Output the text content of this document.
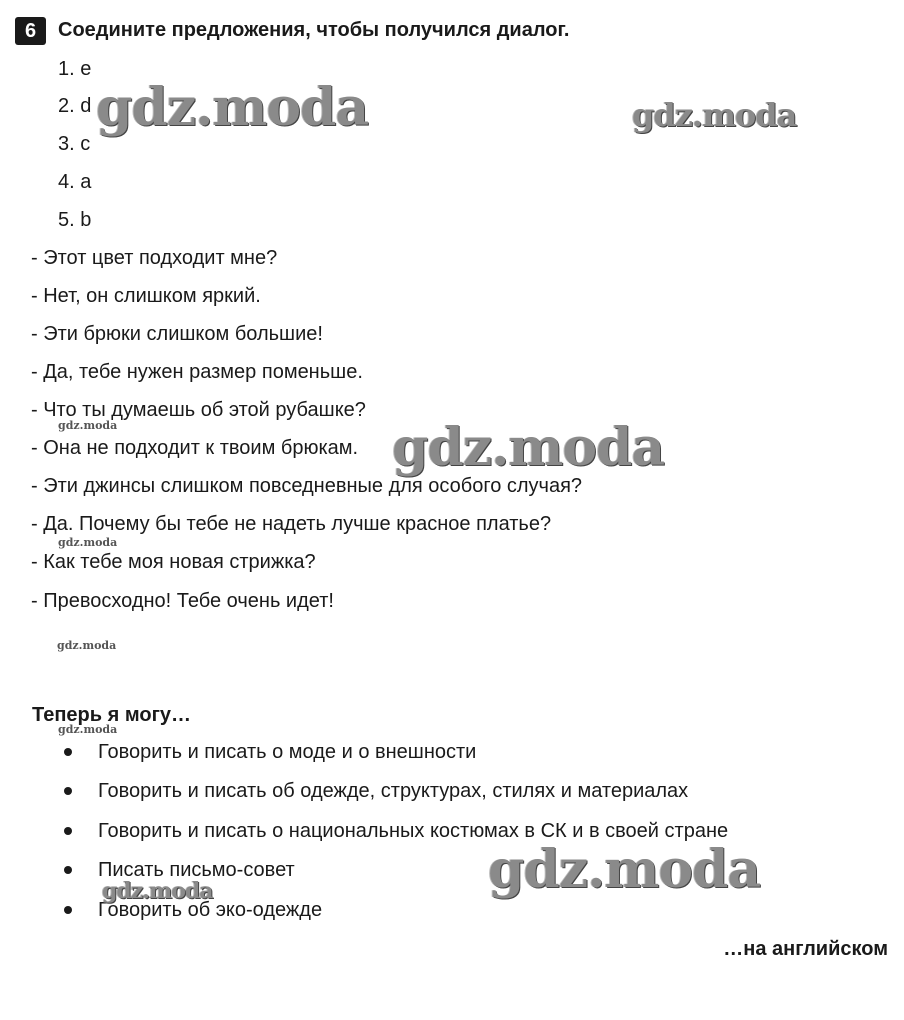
6	Соедините предложения, чтобы получился диалог.
1. e
2. d
3. c
4. a
5. b
- Этот цвет подходит мне?
- Нет, он слишком яркий.
- Эти брюки слишком большие!
- Да, тебе нужен размер поменьше.
- Что ты думаешь об этой рубашке?
- Она не подходит к твоим брюкам.
- Эти джинсы слишком повседневные для особого случая?
- Да. Почему бы тебе не надеть лучше красное платье?
- Как тебе моя новая стрижка?
- Превосходно! Тебе очень идет!
Теперь я могу…
Говорить и писать о моде и о внешности
Говорить и писать об одежде, структурах, стилях и материалах
Говорить и писать о национальных костюмах в СК и в своей стране
Писать письмо-совет
Говорить об эко-одежде
…на английском
gdz.moda	gdz.moda
gdz.moda
gdz.moda
gdz.moda
gdz.moda
gdz.moda
gdz.moda
gdz.moda
